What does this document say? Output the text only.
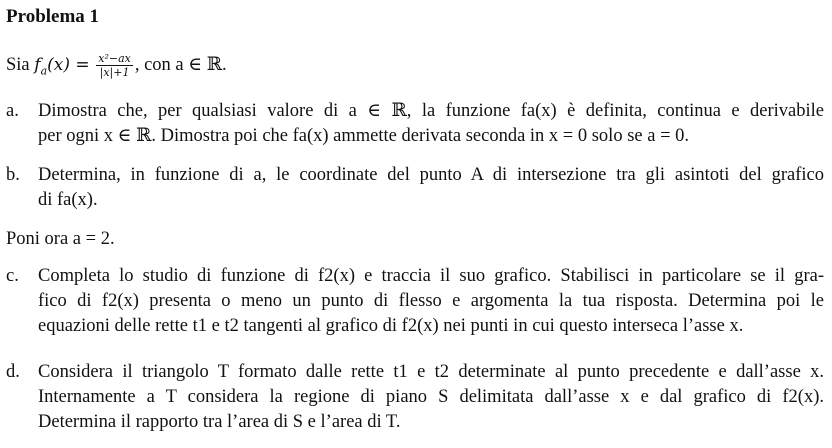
Problema 1
Sia $f_a(x) = \frac{\text{x²−ax}}{|x|+1}$ , con a ∈ ℝ.
a.	Dimostra che, per qualsiasi valore di a ∈ ℝ, la funzione fa(x) è definita, continua e derivabile
per ogni x ∈ ℝ. Dimostra poi che fa(x) ammette derivata seconda in x = 0 solo se a = 0.
b. Determina, in funzione di a, le coordinate del punto A di intersezione tra gli asintoti del grafico
di fa(x).
Poni ora a = 2.
c.	Completa lo studio di funzione di f2(x) e traccia il suo grafico. Stabilisci in particolare se il gra-
fico di f2(x) presenta o meno un punto di flesso e argomenta la tua risposta. Determina poi le
equazioni delle rette t1 e t2 tangenti al grafico di f2(x) nei punti in cui questo interseca l’asse x.
d. Considera il triangolo T formato dalle rette t1 e t2 determinate al punto precedente e dall’asse x.
Internamente a T considera la regione di piano S delimitata dall’asse x e dal grafico di f2(x).
Determina il rapporto tra l’area di S e l’area di T.
